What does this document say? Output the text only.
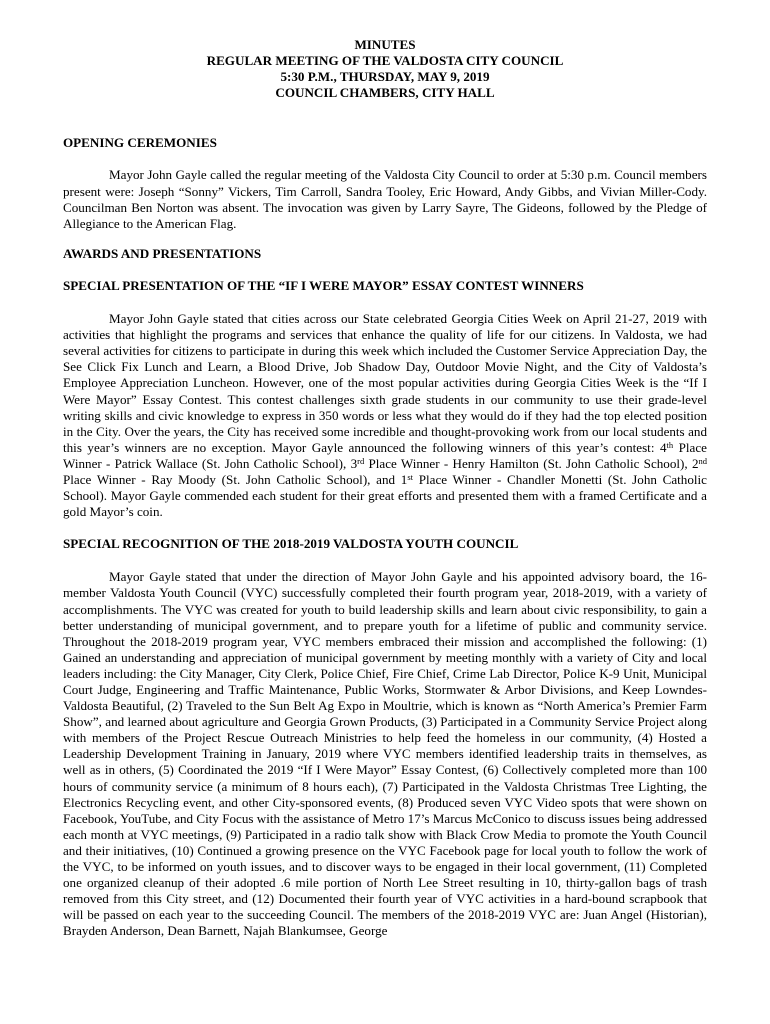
MINUTES
REGULAR MEETING OF THE VALDOSTA CITY COUNCIL
5:30 P.M., THURSDAY, MAY 9, 2019
COUNCIL CHAMBERS, CITY HALL
OPENING CEREMONIES
Mayor John Gayle called the regular meeting of the Valdosta City Council to order at 5:30 p.m. Council members present were: Joseph “Sonny” Vickers, Tim Carroll, Sandra Tooley, Eric Howard, Andy Gibbs, and Vivian Miller-Cody. Councilman Ben Norton was absent. The invocation was given by Larry Sayre, The Gideons, followed by the Pledge of Allegiance to the American Flag.
AWARDS AND PRESENTATIONS
SPECIAL PRESENTATION OF THE “IF I WERE MAYOR” ESSAY CONTEST WINNERS
Mayor John Gayle stated that cities across our State celebrated Georgia Cities Week on April 21-27, 2019 with activities that highlight the programs and services that enhance the quality of life for our citizens. In Valdosta, we had several activities for citizens to participate in during this week which included the Customer Service Appreciation Day, the See Click Fix Lunch and Learn, a Blood Drive, Job Shadow Day, Outdoor Movie Night, and the City of Valdosta’s Employee Appreciation Luncheon. However, one of the most popular activities during Georgia Cities Week is the “If I Were Mayor” Essay Contest. This contest challenges sixth grade students in our community to use their grade-level writing skills and civic knowledge to express in 350 words or less what they would do if they had the top elected position in the City. Over the years, the City has received some incredible and thought-provoking work from our local students and this year’s winners are no exception. Mayor Gayle announced the following winners of this year’s contest: 4th Place Winner - Patrick Wallace (St. John Catholic School), 3rd Place Winner - Henry Hamilton (St. John Catholic School), 2nd Place Winner - Ray Moody (St. John Catholic School), and 1st Place Winner - Chandler Monetti (St. John Catholic School). Mayor Gayle commended each student for their great efforts and presented them with a framed Certificate and a gold Mayor’s coin.
SPECIAL RECOGNITION OF THE 2018-2019 VALDOSTA YOUTH COUNCIL
Mayor Gayle stated that under the direction of Mayor John Gayle and his appointed advisory board, the 16-member Valdosta Youth Council (VYC) successfully completed their fourth program year, 2018-2019, with a variety of accomplishments. The VYC was created for youth to build leadership skills and learn about civic responsibility, to gain a better understanding of municipal government, and to prepare youth for a lifetime of public and community service. Throughout the 2018-2019 program year, VYC members embraced their mission and accomplished the following: (1) Gained an understanding and appreciation of municipal government by meeting monthly with a variety of City and local leaders including: the City Manager, City Clerk, Police Chief, Fire Chief, Crime Lab Director, Police K-9 Unit, Municipal Court Judge, Engineering and Traffic Maintenance, Public Works, Stormwater & Arbor Divisions, and Keep Lowndes-Valdosta Beautiful, (2) Traveled to the Sun Belt Ag Expo in Moultrie, which is known as “North America’s Premier Farm Show”, and learned about agriculture and Georgia Grown Products, (3) Participated in a Community Service Project along with members of the Project Rescue Outreach Ministries to help feed the homeless in our community, (4) Hosted a Leadership Development Training in January, 2019 where VYC members identified leadership traits in themselves, as well as in others, (5) Coordinated the 2019 “If I Were Mayor” Essay Contest, (6) Collectively completed more than 100 hours of community service (a minimum of 8 hours each), (7) Participated in the Valdosta Christmas Tree Lighting, the Electronics Recycling event, and other City-sponsored events, (8) Produced seven VYC Video spots that were shown on Facebook, YouTube, and City Focus with the assistance of Metro 17’s Marcus McConico to discuss issues being addressed each month at VYC meetings, (9) Participated in a radio talk show with Black Crow Media to promote the Youth Council and their initiatives, (10) Continued a growing presence on the VYC Facebook page for local youth to follow the work of the VYC, to be informed on youth issues, and to discover ways to be engaged in their local government, (11) Completed one organized cleanup of their adopted .6 mile portion of North Lee Street resulting in 10, thirty-gallon bags of trash removed from this City street, and (12) Documented their fourth year of VYC activities in a hard-bound scrapbook that will be passed on each year to the succeeding Council. The members of the 2018-2019 VYC are: Juan Angel (Historian), Brayden Anderson, Dean Barnett, Najah Blankumsee, George
